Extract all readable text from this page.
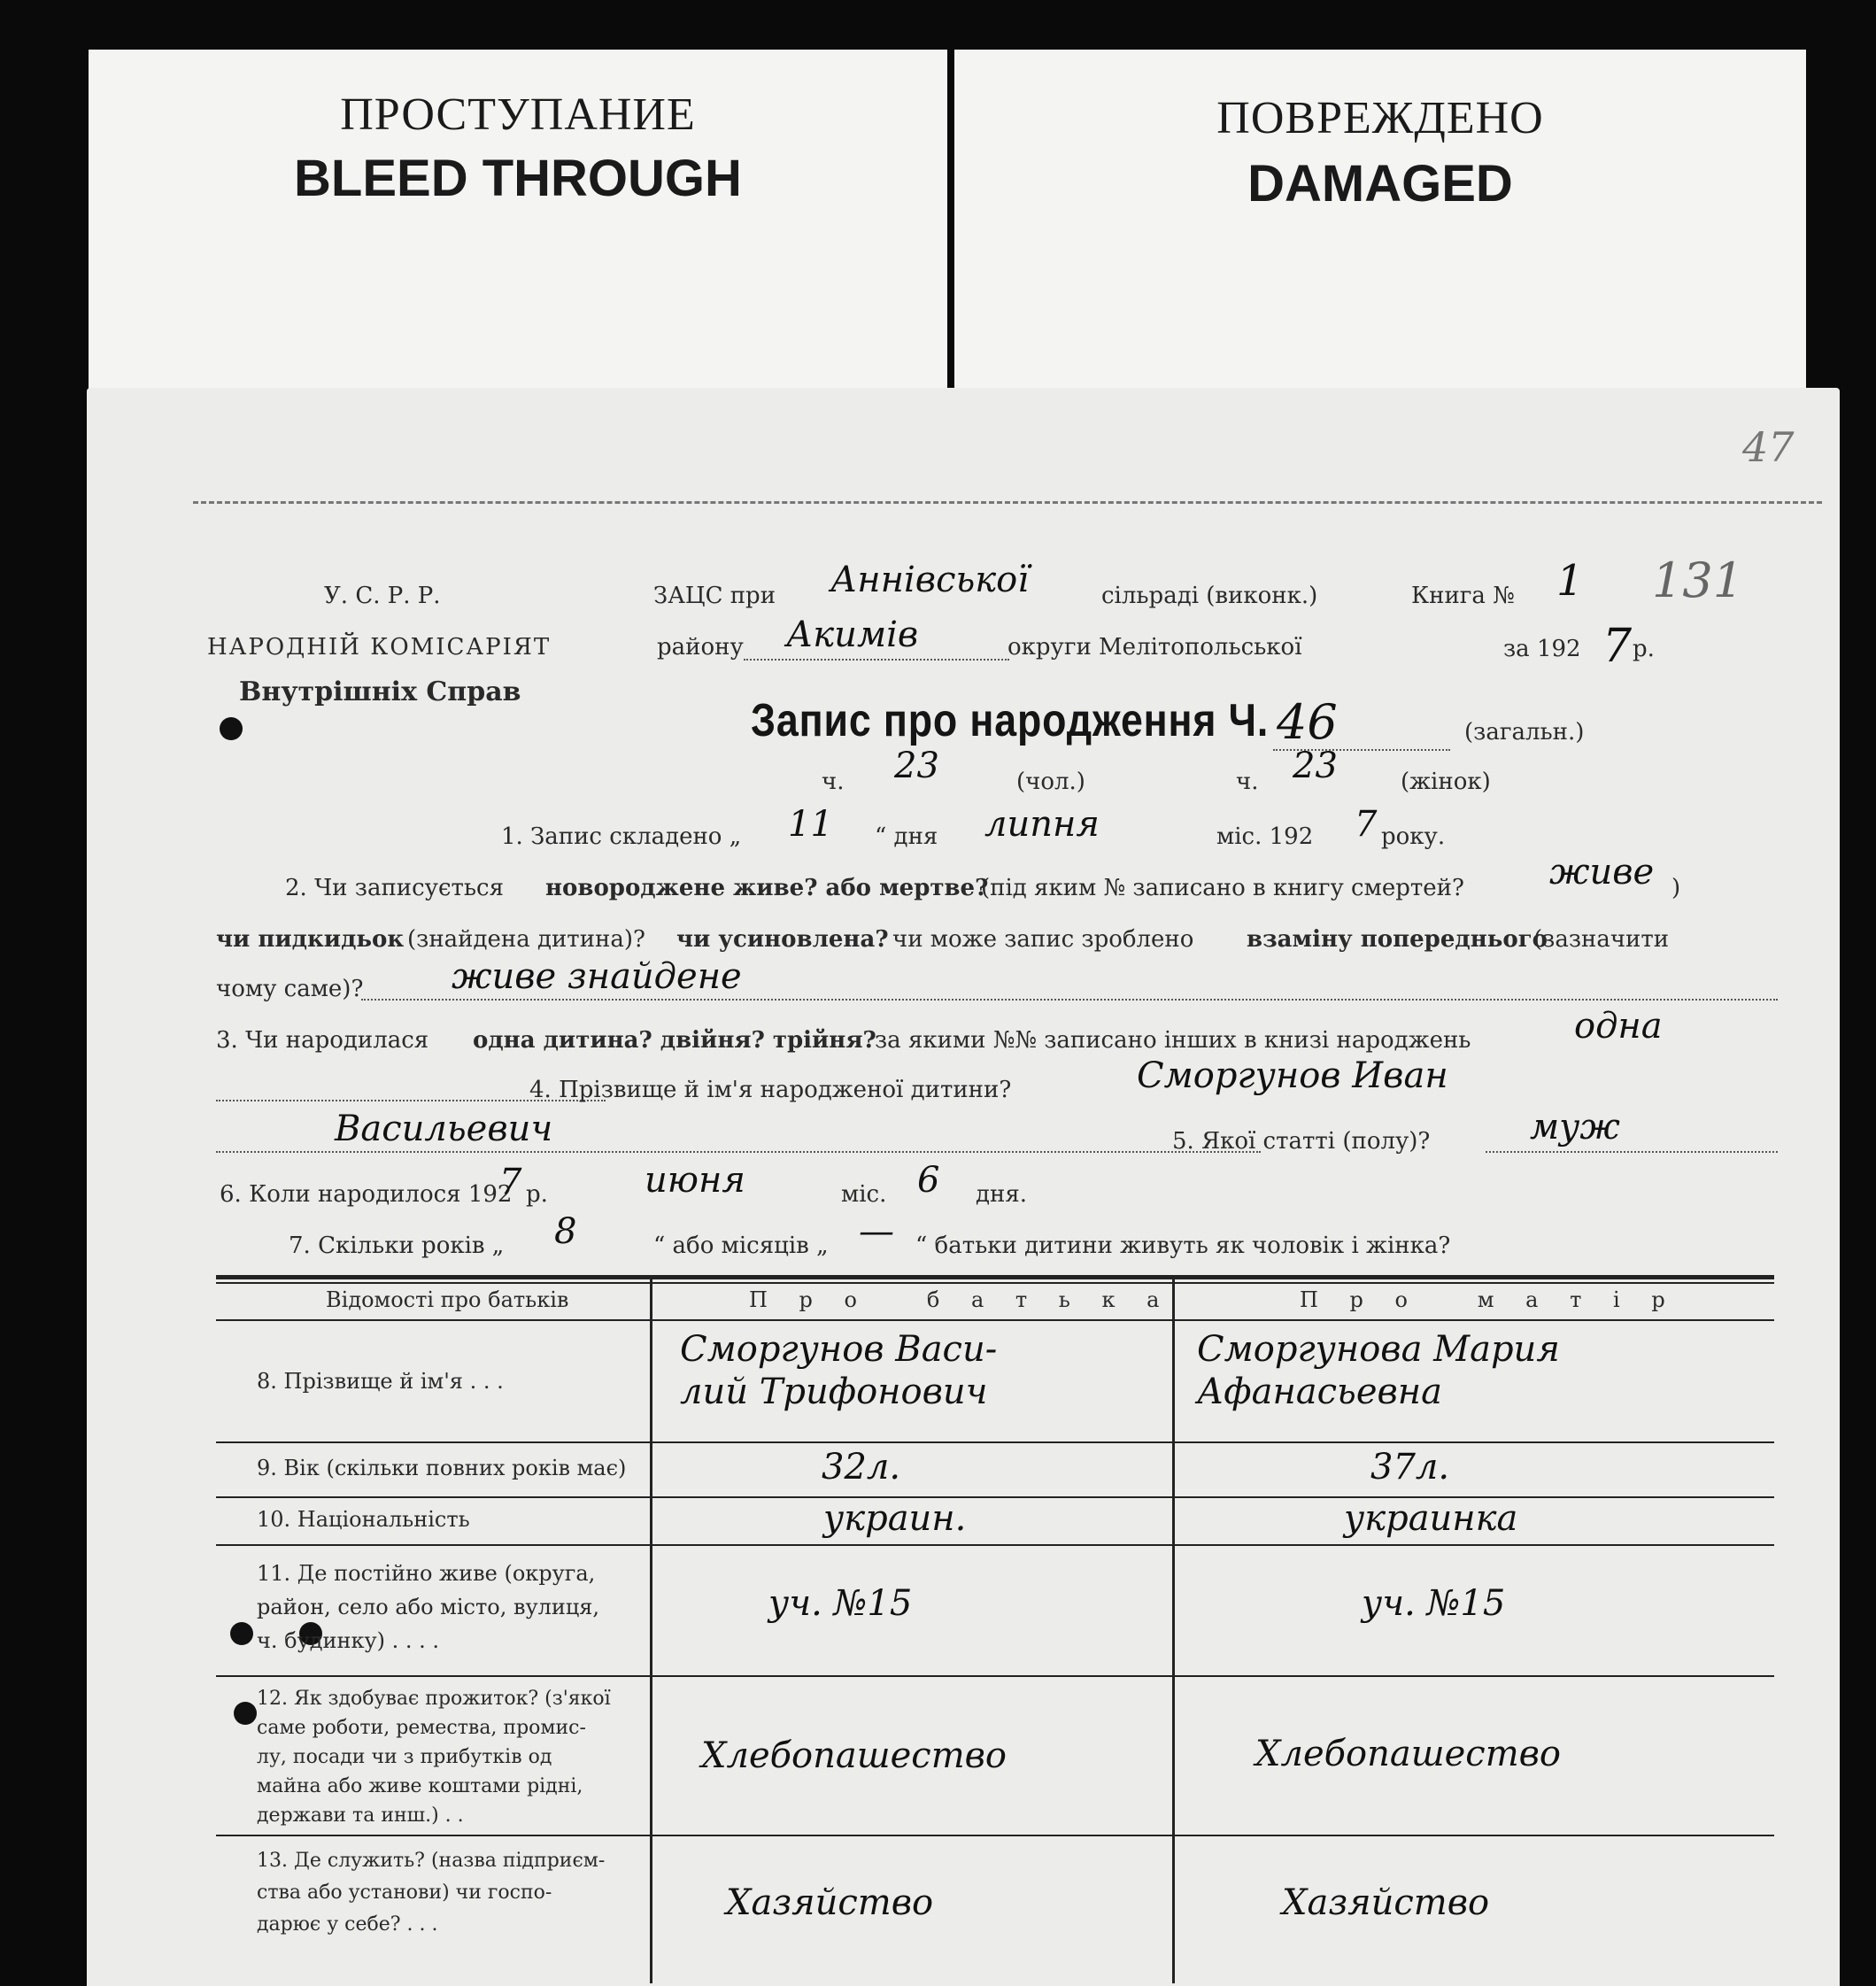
ПРОСТУПАНИЕ
BLEED THROUGH
ПОВРЕЖДЕНО
DAMAGED
47
У. С. Р. Р.
НАРОДНІЙ КОМІСАРІЯТ
Внутрішніх Справ
ЗАЦС при Аннівської	сільраді (виконк.)
району Акимів	округи Мелітопольської
Книга № 1 131
за 192 7 р.
Запис про народження Ч. 46	(загальн.)
ч. 23	(чол.)	ч. 23	(жінок)
1. Запис складено „ 11 “ дня липня	міс. 192 7 року.
2. Чи записується новороджене живе? або мертве?
(під яким № записано в книгу смертей? живе )
чи пидкидьок (знайдена дитина)? чи усиновлена? чи може запис зроблено взаміну попереднього
(зазначити
чому саме)? живе знайдене
3. Чи народилася одна дитина? двійня? трійня?
за якими №№ записано інших в книзі народжень	одна
4. Прізвище й ім'я народженої дитини?	Сморгунов Иван
Васильевич	5. Якої статті (полу)?	муж
6. Коли народилося 192
7 р.	июня	міс. 6 дня.
7. Скільки років „ 8	“ або місяців „ — “ батьки дитини живуть як чоловік і жінка?
Відомості про батьків	П р о   б а т ь к а	П р о   м а т і р
8. Прізвище й ім'я . . .
Сморгунов Васи-
лий Трифонович
Сморгунова Мария
Афанасьевна
9. Вік (скільки повних років має)	32л.	37л.
10. Національність	украин.	украинка
11. Де постійно живе (округа,
район, село або місто, вулиця,
ч. будинку) . . . .
уч. №15	уч. №15
12. Як здобуває прожиток? (з'якої
саме роботи, ремества, промис-
лу, посади чи з прибутків од
майна або живе коштами рідні,
держави та инш.) . .
Хлебопашество	Хлебопашество
13. Де служить? (назва підприєм-
ства або установи) чи госпо-
дарює у себе? . . .
Хазяйство	Хазяйство
